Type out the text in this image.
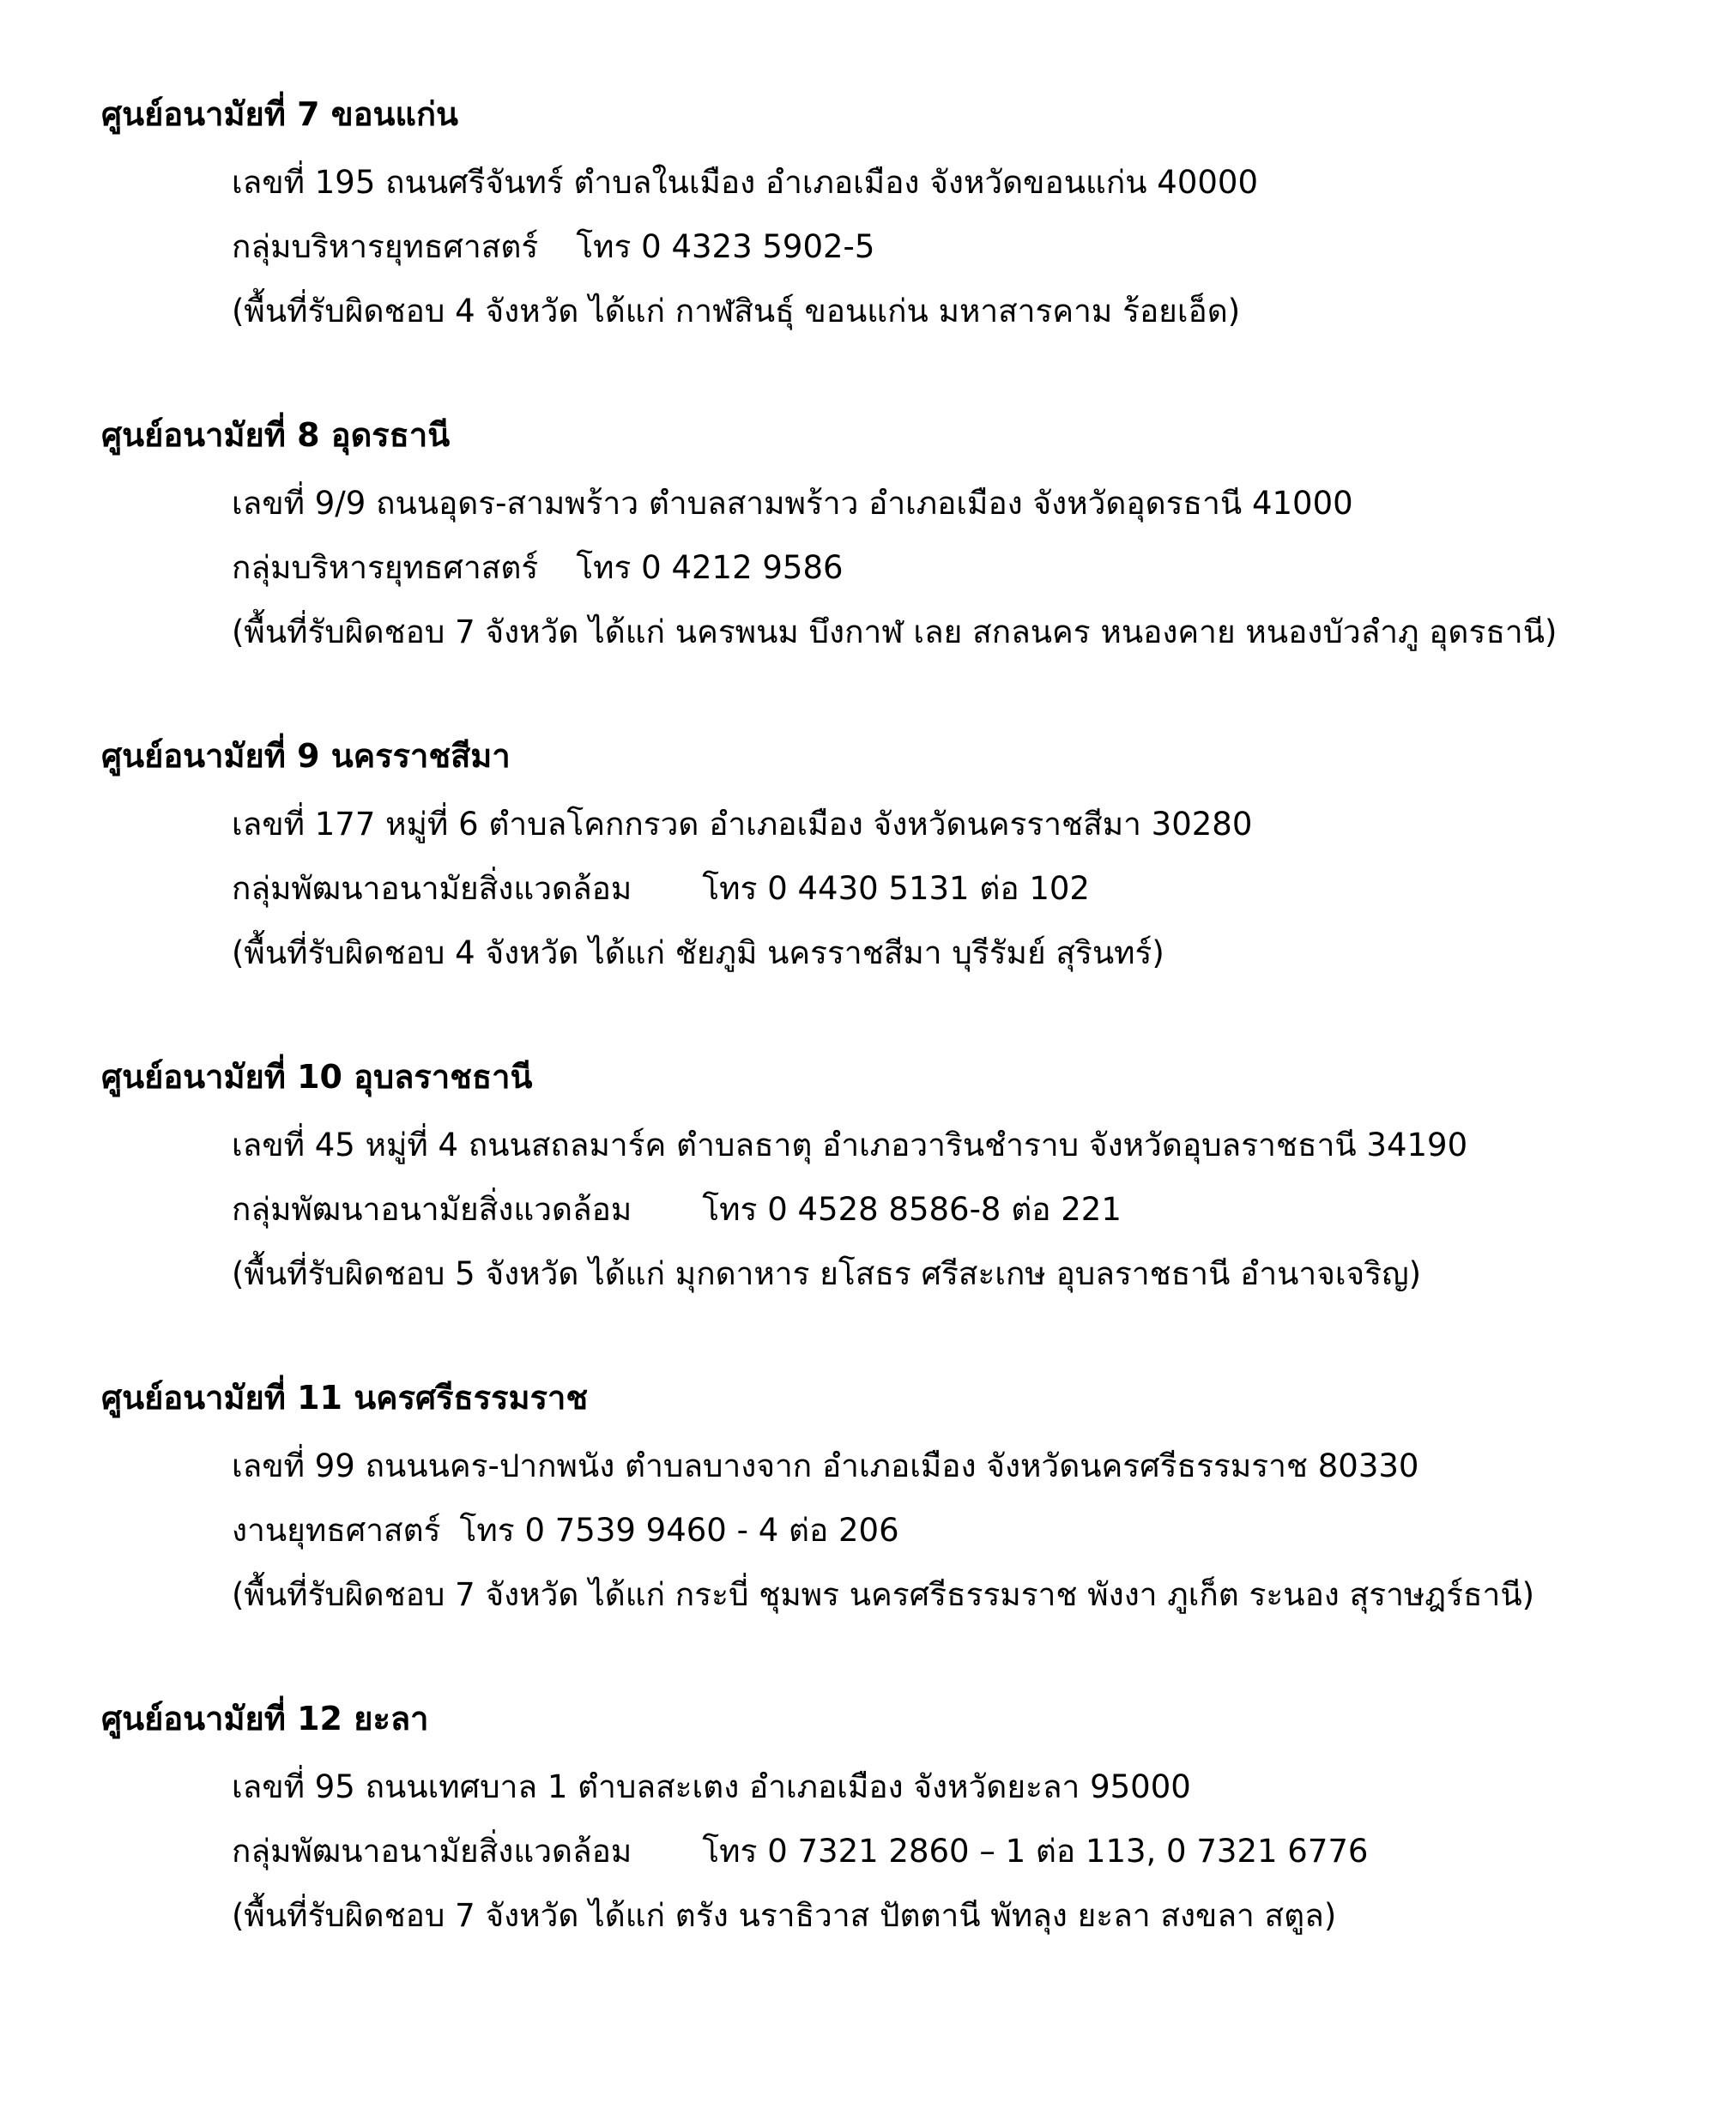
ศูนย์อนามัยที่ 7 ขอนแก่น
เลขที่ 195 ถนนศรีจันทร์ ตำบลในเมือง อำเภอเมือง จังหวัดขอนแก่น 40000
กลุ่มบริหารยุทธศาสตร์ โทร 0 4323 5902-5
(พื้นที่รับผิดชอบ 4 จังหวัด ได้แก่ กาฬสินธุ์ ขอนแก่น มหาสารคาม ร้อยเอ็ด)
ศูนย์อนามัยที่ 8 อุดรธานี
เลขที่ 9/9 ถนนอุดร-สามพร้าว ตำบลสามพร้าว อำเภอเมือง จังหวัดอุดรธานี 41000
กลุ่มบริหารยุทธศาสตร์ โทร 0 4212 9586
(พื้นที่รับผิดชอบ 7 จังหวัด ได้แก่ นครพนม บึงกาฬ เลย สกลนคร หนองคาย หนองบัวลำภู อุดรธานี)
ศูนย์อนามัยที่ 9 นครราชสีมา
เลขที่ 177 หมู่ที่ 6 ตำบลโคกกรวด อำเภอเมือง จังหวัดนครราชสีมา 30280
กลุ่มพัฒนาอนามัยสิ่งแวดล้อม โทร 0 4430 5131 ต่อ 102
(พื้นที่รับผิดชอบ 4 จังหวัด ได้แก่ ชัยภูมิ นครราชสีมา บุรีรัมย์ สุรินทร์)
ศูนย์อนามัยที่ 10 อุบลราชธานี
เลขที่ 45 หมู่ที่ 4 ถนนสถลมาร์ค ตำบลธาตุ อำเภอวารินชำราบ จังหวัดอุบลราชธานี 34190
กลุ่มพัฒนาอนามัยสิ่งแวดล้อม โทร 0 4528 8586-8 ต่อ 221
(พื้นที่รับผิดชอบ 5 จังหวัด ได้แก่ มุกดาหาร ยโสธร ศรีสะเกษ อุบลราชธานี อำนาจเจริญ)
ศูนย์อนามัยที่ 11 นครศรีธรรมราช
เลขที่ 99 ถนนนคร-ปากพนัง ตำบลบางจาก อำเภอเมือง จังหวัดนครศรีธรรมราช 80330
งานยุทธศาสตร์ โทร 0 7539 9460 - 4 ต่อ 206
(พื้นที่รับผิดชอบ 7 จังหวัด ได้แก่ กระบี่ ชุมพร นครศรีธรรมราช พังงา ภูเก็ต ระนอง สุราษฎร์ธานี)
ศูนย์อนามัยที่ 12 ยะลา
เลขที่ 95 ถนนเทศบาล 1 ตำบลสะเตง อำเภอเมือง จังหวัดยะลา 95000
กลุ่มพัฒนาอนามัยสิ่งแวดล้อม โทร 0 7321 2860 – 1 ต่อ 113, 0 7321 6776
(พื้นที่รับผิดชอบ 7 จังหวัด ได้แก่ ตรัง นราธิวาส ปัตตานี พัทลุง ยะลา สงขลา สตูล)
